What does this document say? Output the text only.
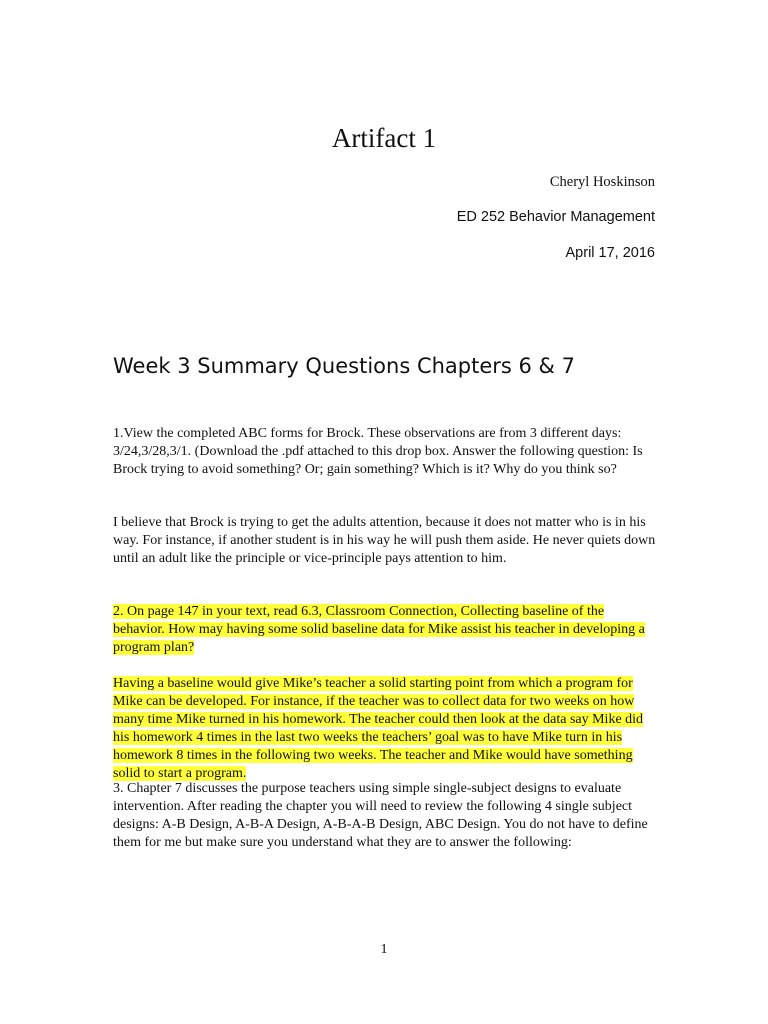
Artifact 1

Cheryl Hoskinson

ED 252 Behavior Management

April 17, 2016

Week 3 Summary Questions Chapters 6 & 7

1.View the completed ABC forms for Brock. These observations are from 3 different days: 3/24,3/28,3/1. (Download the .pdf attached to this drop box. Answer the following question: Is Brock trying to avoid something? Or; gain something? Which is it? Why do you think so?

I believe that Brock is trying to get the adults attention, because it does not matter who is in his way. For instance, if another student is in his way he will push them aside. He never quiets down until an adult like the principle or vice-principle pays attention to him.

2. On page 147 in your text, read 6.3, Classroom Connection, Collecting baseline of the behavior. How may having some solid baseline data for Mike assist his teacher in developing a program plan?

Having a baseline would give Mike’s teacher a solid starting point from which a program for Mike can be developed. For instance, if the teacher was to collect data for two weeks on how many time Mike turned in his homework. The teacher could then look at the data say Mike did his homework 4 times in the last two weeks the teachers’ goal was to have Mike turn in his homework 8 times in the following two weeks. The teacher and Mike would have something solid to start a program.

3. Chapter 7 discusses the purpose teachers using simple single-subject designs to evaluate intervention. After reading the chapter you will need to review the following 4 single subject designs: A-B Design, A-B-A Design, A-B-A-B Design, ABC Design. You do not have to define them for me but make sure you understand what they are to answer the following:

1
